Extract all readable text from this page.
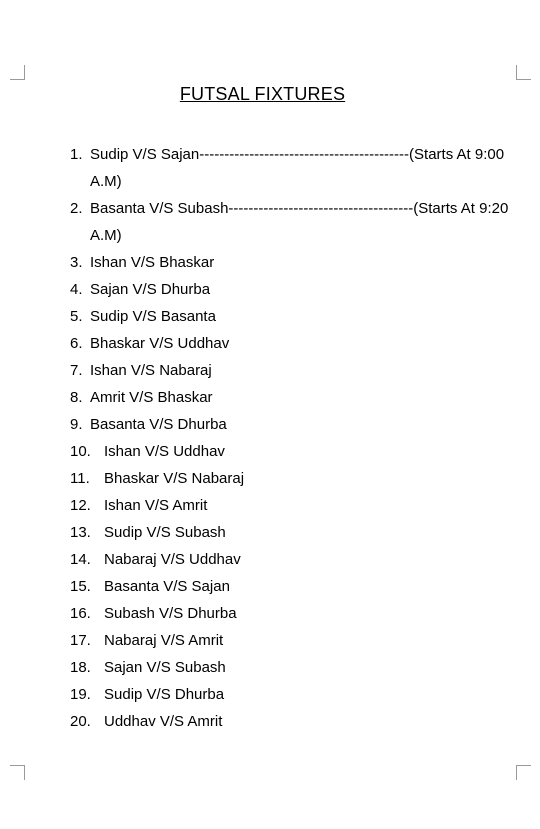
FUTSAL FIXTURES
1. Sudip V/S Sajan------------------------------------------(Starts At 9:00
A.M)
2. Basanta V/S Subash-------------------------------------(Starts At 9:20
A.M)
3. Ishan V/S Bhaskar
4. Sajan V/S Dhurba
5. Sudip V/S Basanta
6. Bhaskar V/S Uddhav
7. Ishan V/S Nabaraj
8. Amrit V/S Bhaskar
9. Basanta V/S Dhurba
10. Ishan V/S Uddhav
11. Bhaskar V/S Nabaraj
12. Ishan V/S Amrit
13. Sudip V/S Subash
14. Nabaraj V/S Uddhav
15. Basanta V/S Sajan
16. Subash V/S Dhurba
17. Nabaraj V/S Amrit
18. Sajan V/S Subash
19. Sudip V/S Dhurba
20. Uddhav V/S Amrit
